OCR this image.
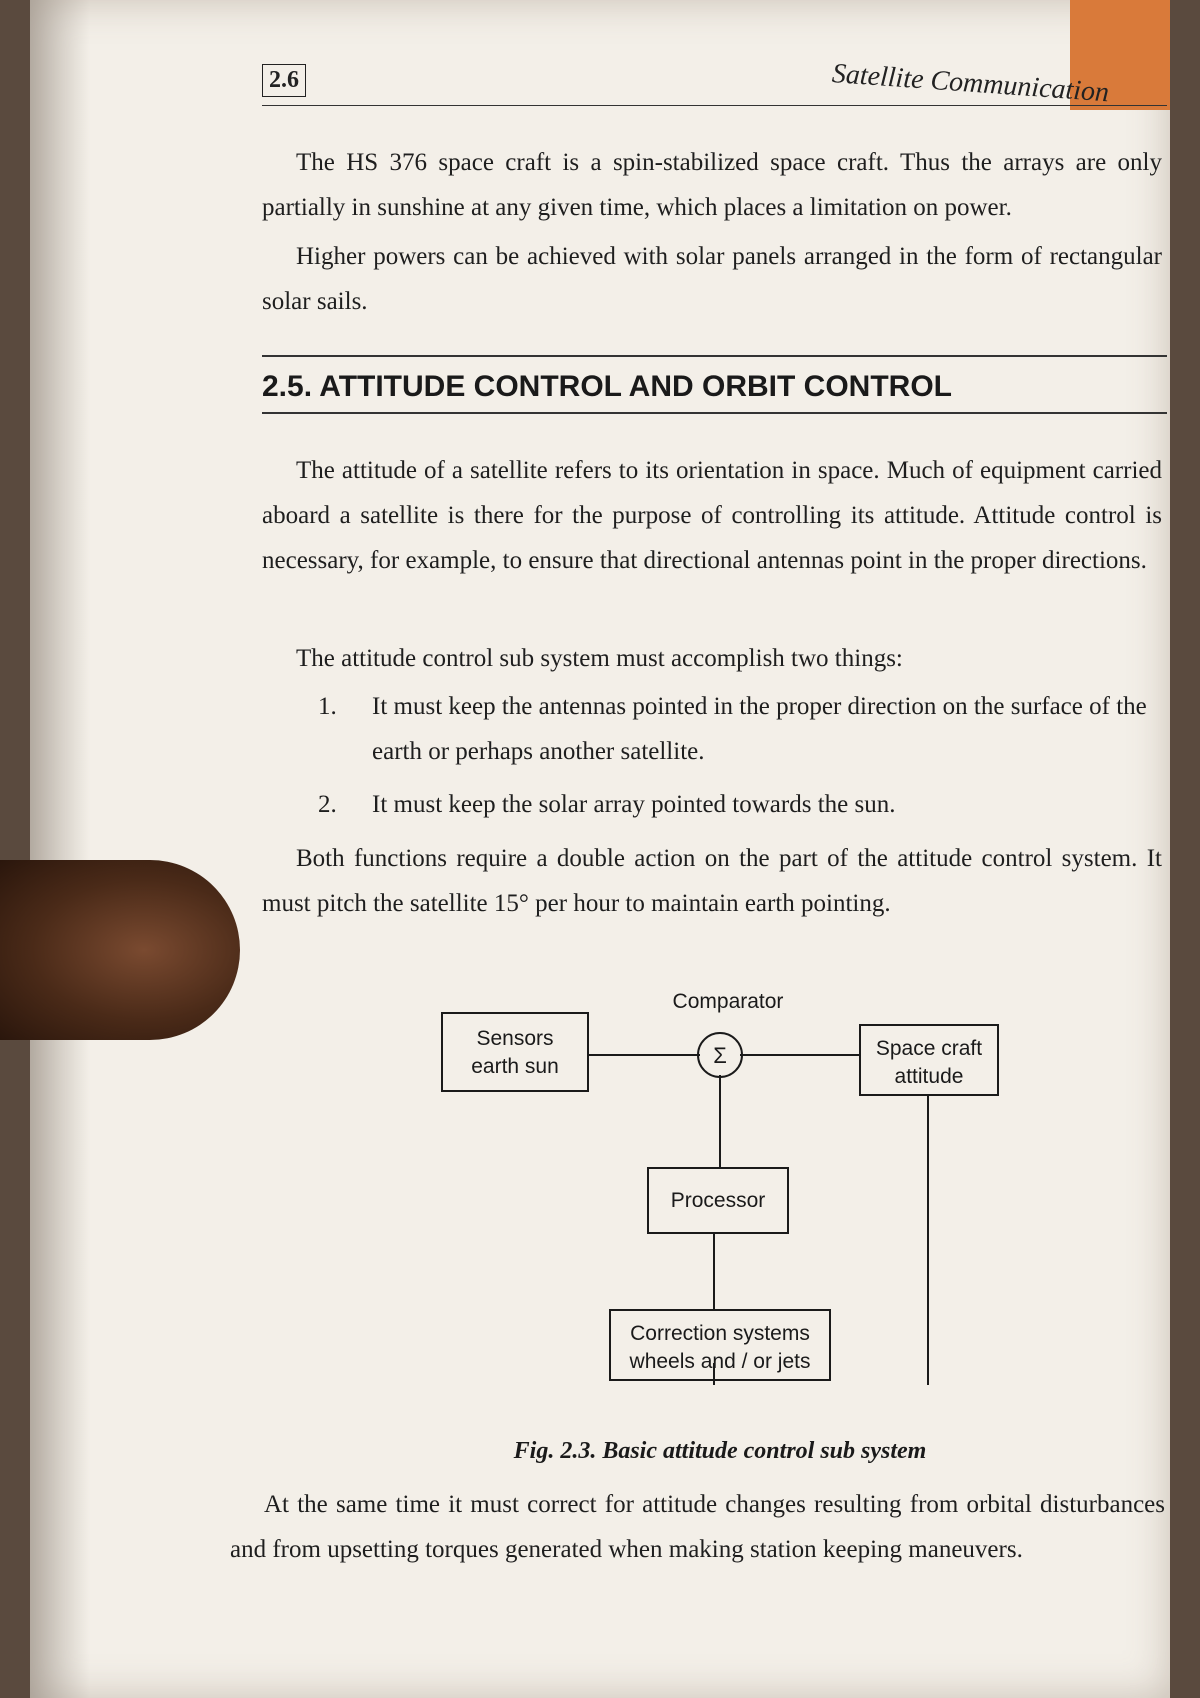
2.6	Satellite Communication

The HS 376 space craft is a spin-stabilized space craft. Thus the arrays are only partially in sunshine at any given time, which places a limitation on power.

Higher powers can be achieved with solar panels arranged in the form of rectangular solar sails.

2.5. ATTITUDE CONTROL AND ORBIT CONTROL

The attitude of a satellite refers to its orientation in space. Much of equipment carried aboard a satellite is there for the purpose of controlling its attitude. Attitude control is necessary, for example, to ensure that directional antennas point in the proper directions.

The attitude control sub system must accomplish two things:

1.	It must keep the antennas pointed in the proper direction on the surface of the earth or perhaps another satellite.
2.	It must keep the solar array pointed towards the sun.

Both functions require a double action on the part of the attitude control system. It must pitch the satellite 15° per hour to maintain earth pointing.

Comparator
Σ
Sensors
earth sun
Space craft
attitude
Processor
Correction systems
wheels and / or jets
Fig. 2.3. Basic attitude control sub system

At the same time it must correct for attitude changes resulting from orbital disturbances and from upsetting torques generated when making station keeping maneuvers.
